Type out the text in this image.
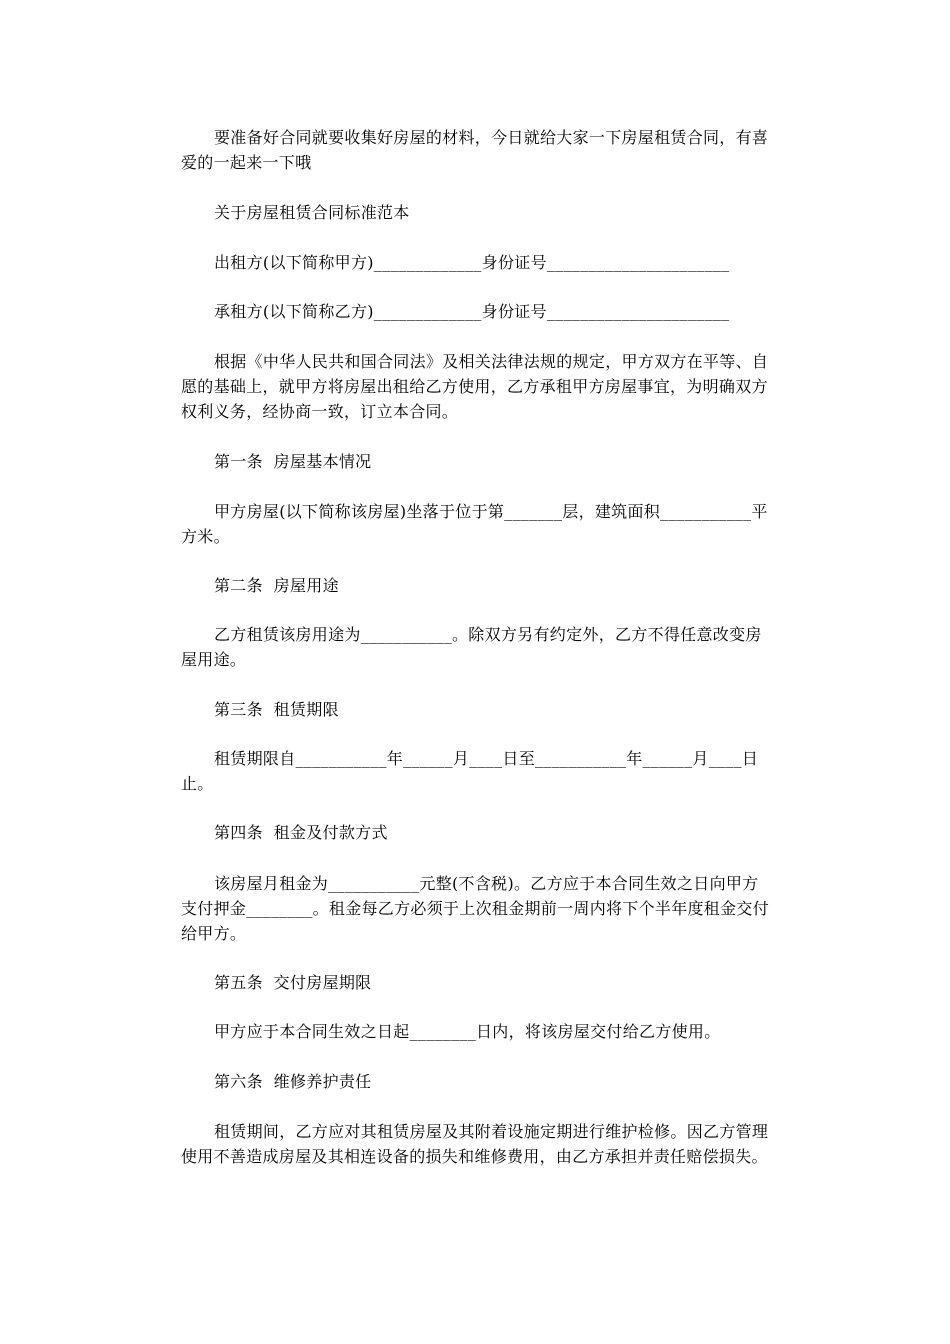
要准备好合同就要收集好房屋的材料，今日就给大家一下房屋租赁合同，有喜爱的一起来一下哦

关于房屋租赁合同标准范本

出租方(以下简称甲方)_____________身份证号______________________

承租方(以下简称乙方)_____________身份证号______________________

根据《中华人民共和国合同法》及相关法律法规的规定，甲方双方在平等、自愿的基础上，就甲方将房屋出租给乙方使用，乙方承租甲方房屋事宜，为明确双方权利义务，经协商一致，订立本合同。

第一条  房屋基本情况

甲方房屋(以下简称该房屋)坐落于位于第_______层，建筑面积___________平方米。

第二条  房屋用途

乙方租赁该房用途为___________。除双方另有约定外，乙方不得任意改变房屋用途。

第三条  租赁期限

租赁期限自___________年______月____日至___________年______月____日止。

第四条  租金及付款方式

该房屋月租金为___________元整(不含税)。乙方应于本合同生效之日向甲方支付押金________。租金每乙方必须于上次租金期前一周内将下个半年度租金交付给甲方。

第五条  交付房屋期限

甲方应于本合同生效之日起________日内，将该房屋交付给乙方使用。

第六条  维修养护责任

租赁期间，乙方应对其租赁房屋及其附着设施定期进行维护检修。因乙方管理使用不善造成房屋及其相连设备的损失和维修费用，由乙方承担并责任赔偿损失。
